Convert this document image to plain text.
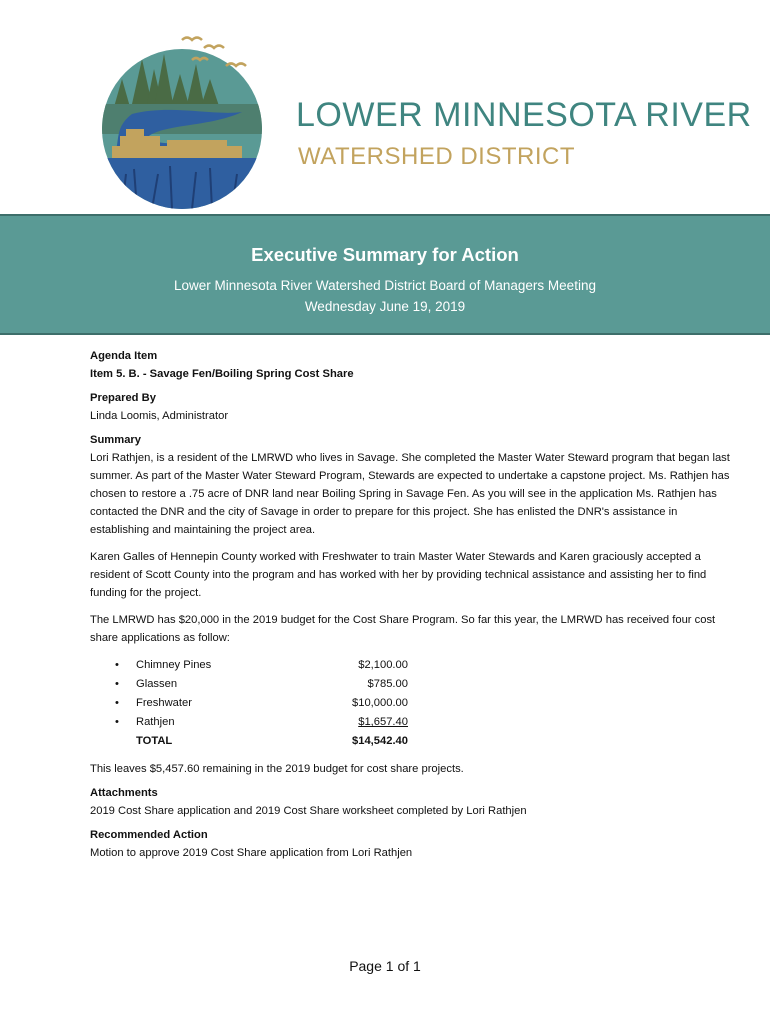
LOWER MINNESOTA RIVER
WATERSHED DISTRICT
Executive Summary for Action
Lower Minnesota River Watershed District Board of Managers Meeting
Wednesday June 19, 2019
Agenda Item
Item 5. B. - Savage Fen/Boiling Spring Cost Share
Prepared By
Linda Loomis, Administrator
Summary

Lori Rathjen, is a resident of the LMRWD who lives in Savage. She completed the Master Water Steward program that began last summer. As part of the Master Water Steward Program, Stewards are expected to undertake a capstone project. Ms. Rathjen has chosen to restore a .75 acre of DNR land near Boiling Spring in Savage Fen. As you will see in the application Ms. Rathjen has contacted the DNR and the city of Savage in order to prepare for this project. She has enlisted the DNR's assistance in establishing and maintaining the project area.

Karen Galles of Hennepin County worked with Freshwater to train Master Water Stewards and Karen graciously accepted a resident of Scott County into the program and has worked with her by providing technical assistance and assisting her to find funding for the project.

The LMRWD has $20,000 in the 2019 budget for the Cost Share Program. So far this year, the LMRWD has received four cost share applications as follow:

• Chimney Pines	$2,100.00
• Glassen	$785.00
• Freshwater	$10,000.00
• Rathjen	$1,657.40
TOTAL	$14,542.40

This leaves $5,457.60 remaining in the 2019 budget for cost share projects.

Attachments
2019 Cost Share application and 2019 Cost Share worksheet completed by Lori Rathjen
Recommended Action
Motion to approve 2019 Cost Share application from Lori Rathjen
Page 1 of 1
